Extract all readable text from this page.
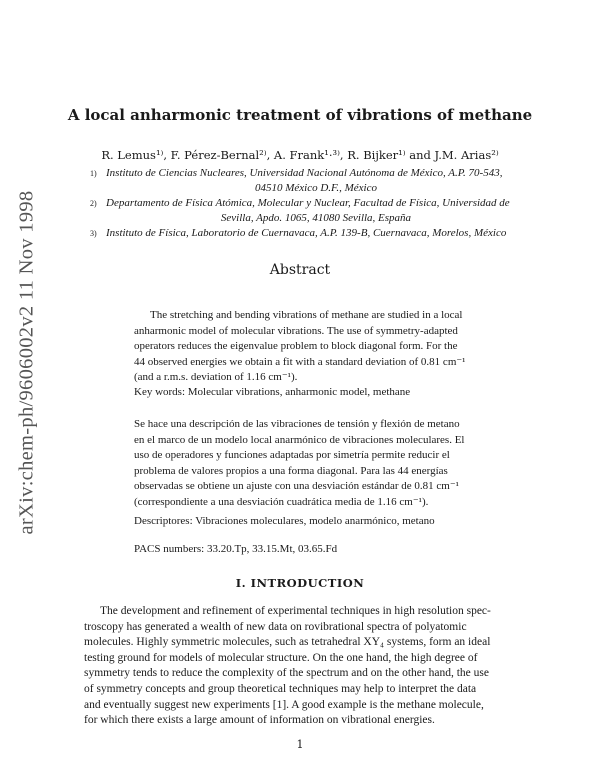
arXiv:chem-ph/9606002v2 11 Nov 1998
A local anharmonic treatment of vibrations of methane
R. Lemus¹⁾, F. Pérez-Bernal²⁾, A. Frank¹·³⁾, R. Bijker¹⁾ and J.M. Arias²⁾
1) Instituto de Ciencias Nucleares, Universidad Nacional Autónoma de México, A.P. 70-543,
04510 México D.F., México
2) Departamento de Física Atómica, Molecular y Nuclear, Facultad de Física, Universidad de
Sevilla, Apdo. 1065, 41080 Sevilla, España
3) Instituto de Física, Laboratorio de Cuernavaca, A.P. 139-B, Cuernavaca, Morelos, México
Abstract

The stretching and bending vibrations of methane are studied in a local

anharmonic model of molecular vibrations. The use of symmetry-adapted

operators reduces the eigenvalue problem to block diagonal form. For the

44 observed energies we obtain a fit with a standard deviation of 0.81 cm⁻¹

(and a r.m.s. deviation of 1.16 cm⁻¹).

Key words: Molecular vibrations, anharmonic model, methane

Se hace una descripción de las vibraciones de tensión y flexión de metano

en el marco de un modelo local anarmónico de vibraciones moleculares. El

uso de operadores y funciones adaptadas por simetría permite reducir el

problema de valores propios a una forma diagonal. Para las 44 energías

observadas se obtiene un ajuste con una desviación estándar de 0.81 cm⁻¹

(correspondiente a una desviación cuadrática media de 1.16 cm⁻¹).

Descriptores: Vibraciones moleculares, modelo anarmónico, metano

PACS numbers: 33.20.Tp, 33.15.Mt, 03.65.Fd

I. INTRODUCTION
The development and refinement of experimental techniques in high resolution spec-
troscopy has generated a wealth of new data on rovibrational spectra of polyatomic
molecules. Highly symmetric molecules, such as tetrahedral XY₄ systems, form an ideal
testing ground for models of molecular structure. On the one hand, the high degree of
symmetry tends to reduce the complexity of the spectrum and on the other hand, the use
of symmetry concepts and group theoretical techniques may help to interpret the data
and eventually suggest new experiments [1]. A good example is the methane molecule,
for which there exists a large amount of information on vibrational energies.
1
